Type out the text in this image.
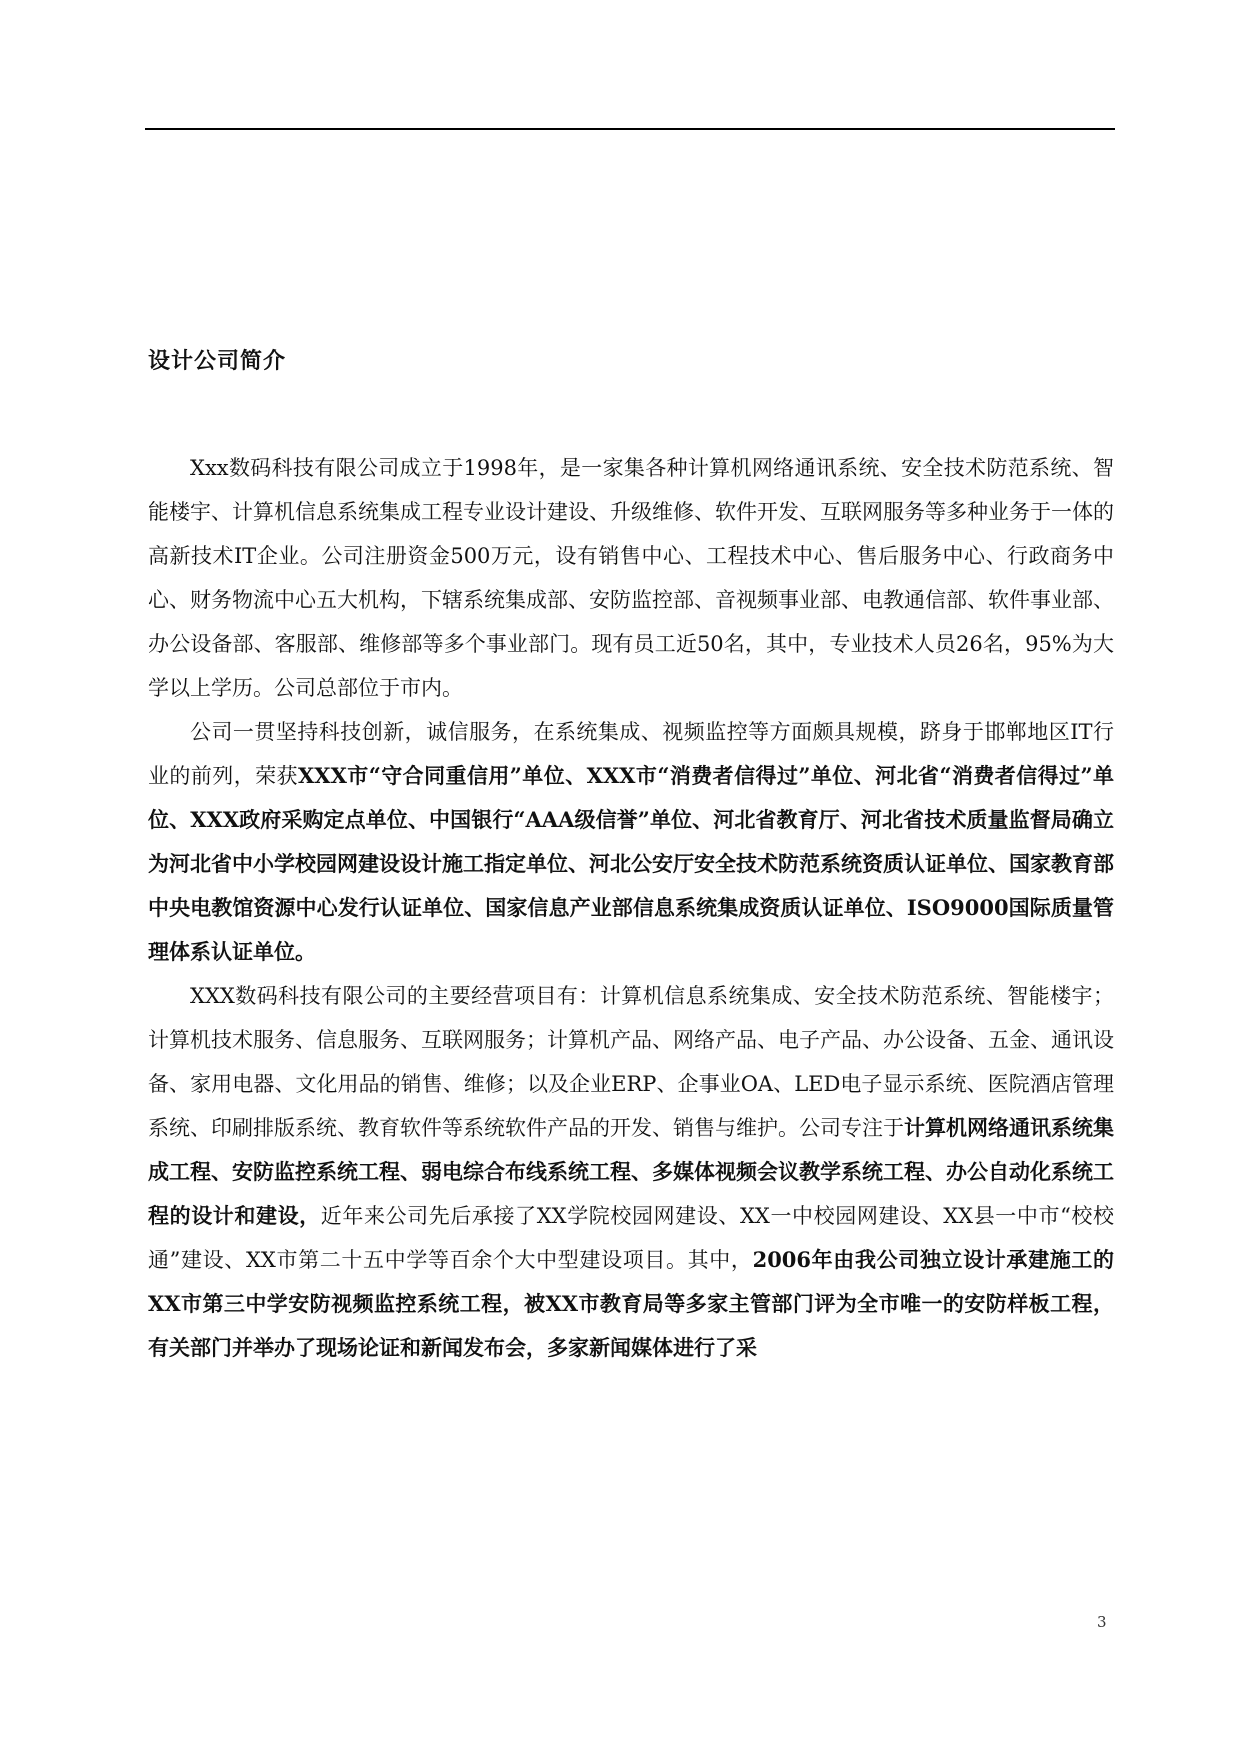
设计公司简介

Xxx数码科技有限公司成立于1998年，是一家集各种计算机网络通讯系统、安全技术防范系统、智能楼宇、计算机信息系统集成工程专业设计建设、升级维修、软件开发、互联网服务等多种业务于一体的高新技术IT企业。公司注册资金500万元，设有销售中心、工程技术中心、售后服务中心、行政商务中心、财务物流中心五大机构，下辖系统集成部、安防监控部、音视频事业部、电教通信部、软件事业部、办公设备部、客服部、维修部等多个事业部门。现有员工近50名，其中，专业技术人员26名，95%为大学以上学历。公司总部位于市内。

公司一贯坚持科技创新，诚信服务，在系统集成、视频监控等方面颇具规模，跻身于邯郸地区IT行业的前列，荣获XXX市“守合同重信用”单位、XXX市“消费者信得过”单位、河北省“消费者信得过”单位、XXX政府采购定点单位、中国银行“AAA级信誉”单位、河北省教育厅、河北省技术质量监督局确立为河北省中小学校园网建设设计施工指定单位、河北公安厅安全技术防范系统资质认证单位、国家教育部中央电教馆资源中心发行认证单位、国家信息产业部信息系统集成资质认证单位、ISO9000国际质量管理体系认证单位。

XXX数码科技有限公司的主要经营项目有：计算机信息系统集成、安全技术防范系统、智能楼宇；计算机技术服务、信息服务、互联网服务；计算机产品、网络产品、电子产品、办公设备、五金、通讯设备、家用电器、文化用品的销售、维修；以及企业ERP、企事业OA、LED电子显示系统、医院酒店管理系统、印刷排版系统、教育软件等系统软件产品的开发、销售与维护。公司专注于计算机网络通讯系统集成工程、安防监控系统工程、弱电综合布线系统工程、多媒体视频会议教学系统工程、办公自动化系统工程的设计和建设，近年来公司先后承接了XX学院校园网建设、XX一中校园网建设、XX县一中市“校校通”建设、XX市第二十五中学等百余个大中型建设项目。其中，2006年由我公司独立设计承建施工的XX市第三中学安防视频监控系统工程，被XX市教育局等多家主管部门评为全市唯一的安防样板工程，有关部门并举办了现场论证和新闻发布会，多家新闻媒体进行了采

3
